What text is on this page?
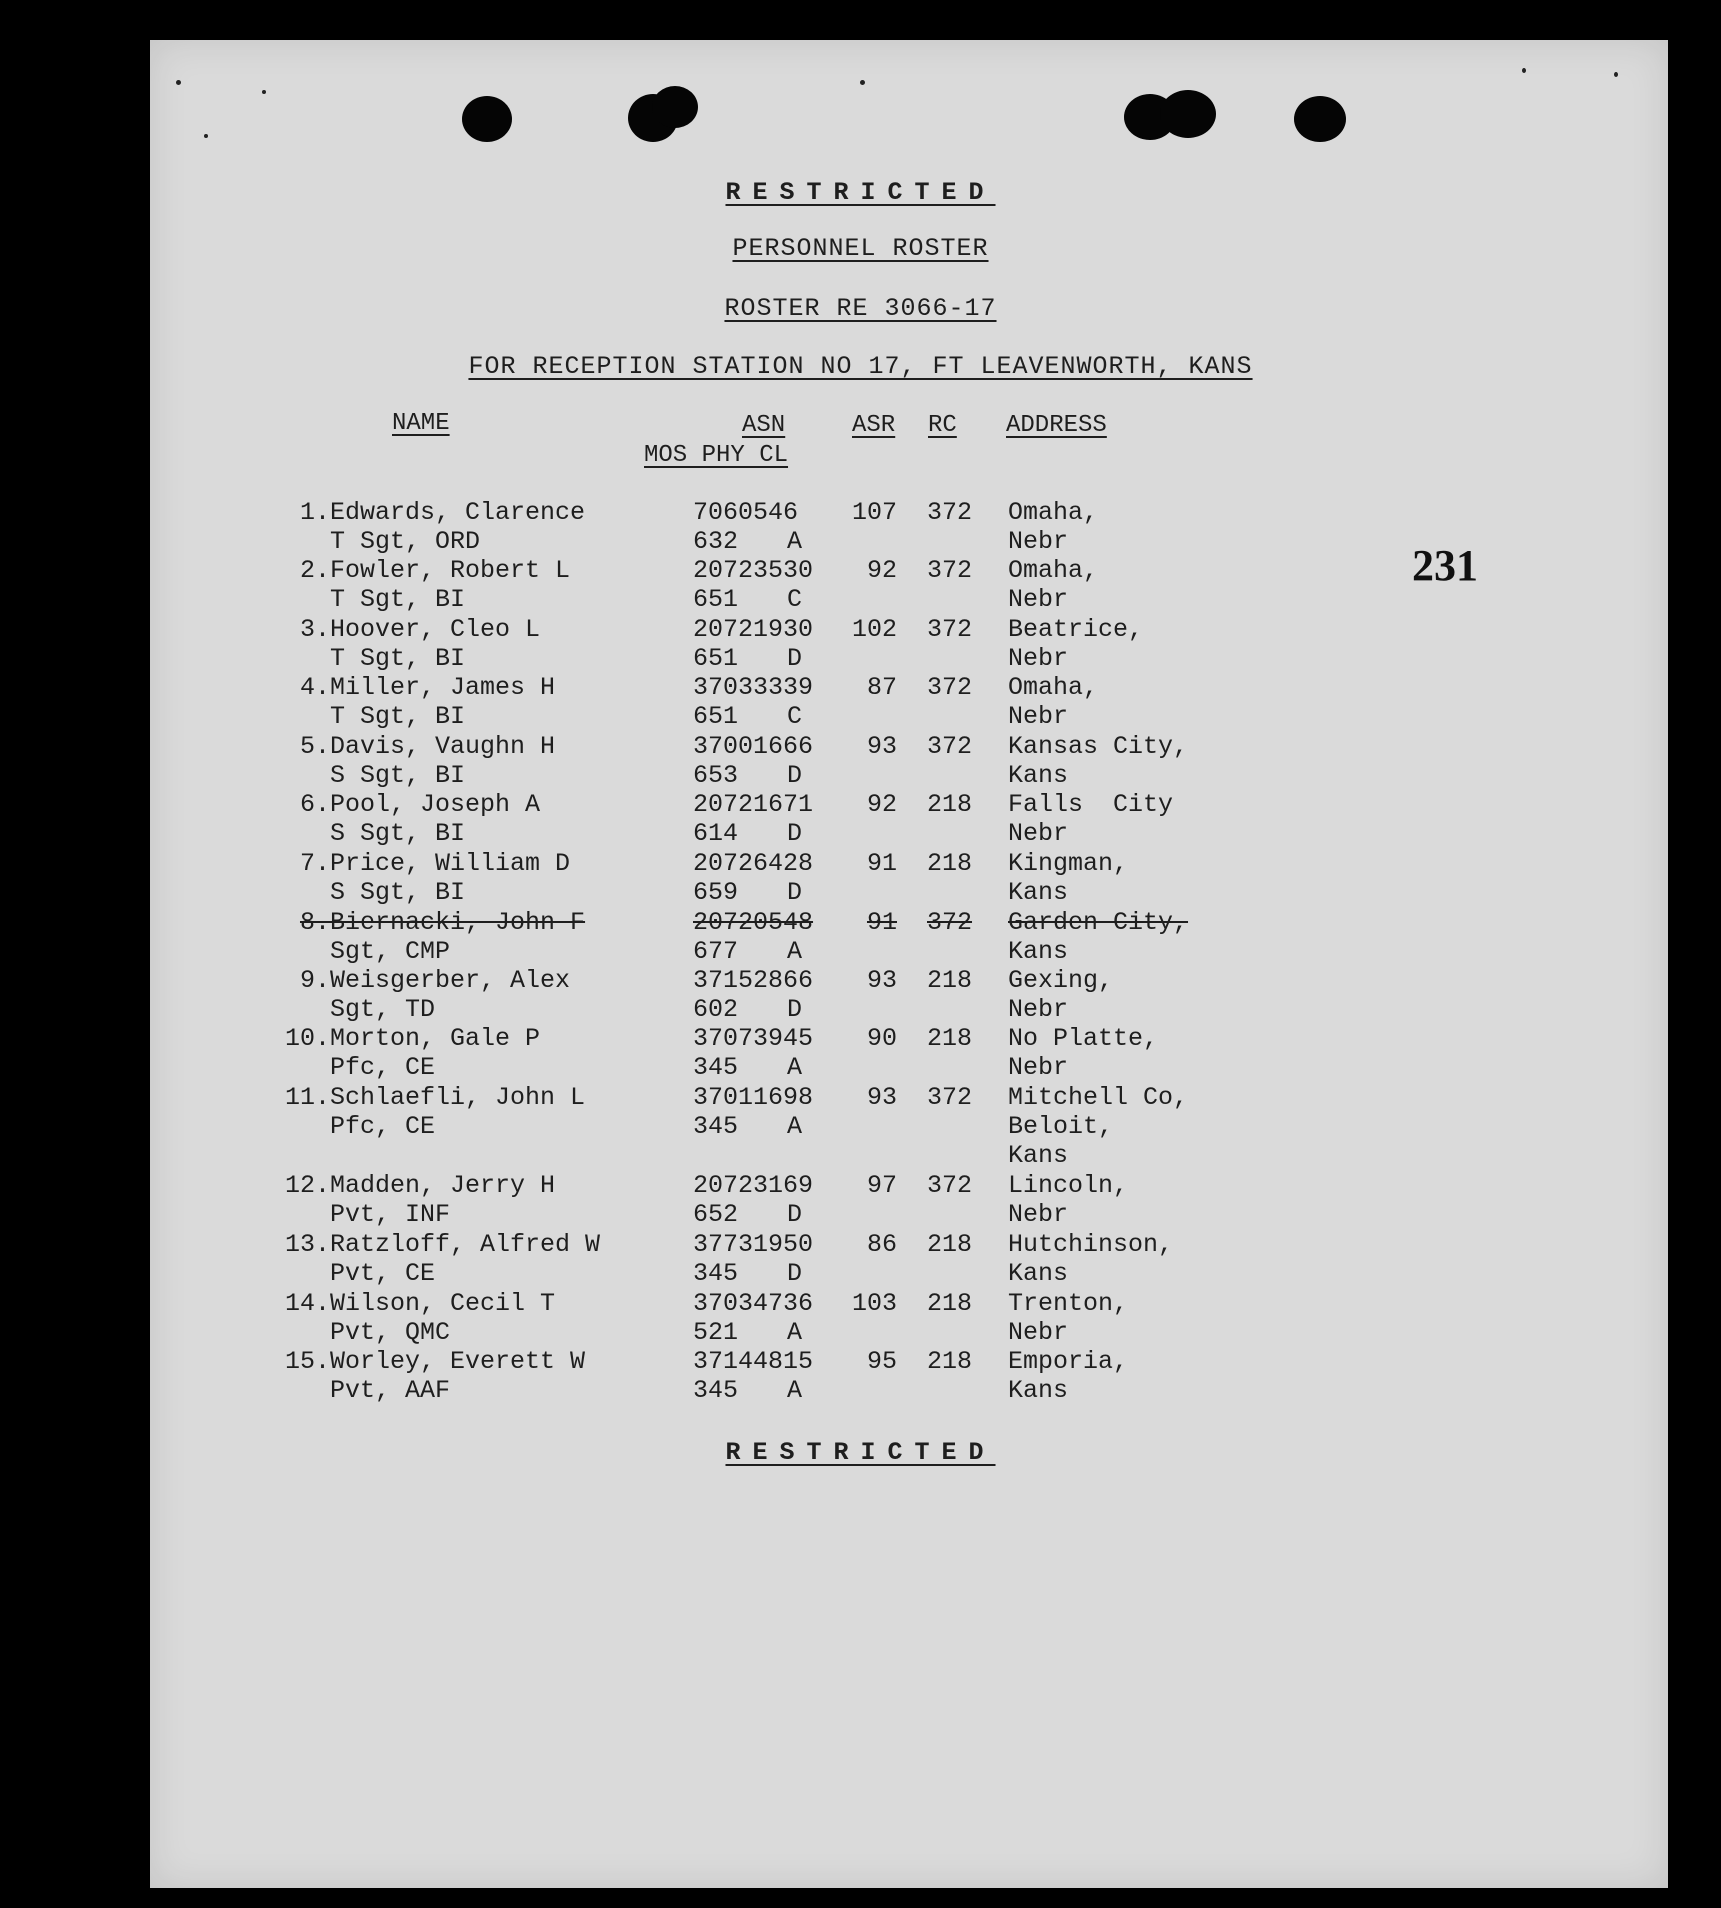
RESTRICTED
PERSONNEL ROSTER
ROSTER RE 3066-17
FOR RECEPTION STATION NO 17, FT LEAVENWORTH, KANS
231
NAME	ASN
MOS PHY CL
ASR RC ADDRESS
1. Edwards, Clarence
T Sgt, ORD
7060546
632 A
107 372 Omaha,
Nebr
2. Fowler, Robert L
T Sgt, BI
20723530
651 C
92 372 Omaha,
Nebr
3. Hoover, Cleo L
T Sgt, BI
20721930
651 D
102 372 Beatrice,
Nebr
4. Miller, James H
T Sgt, BI
37033339
651 C
87 372 Omaha,
Nebr
5. Davis, Vaughn H
S Sgt, BI
37001666
653 D
93 372 Kansas City,
Kans
6. Pool, Joseph A
S Sgt, BI
20721671
614 D
92 218 Falls  City
Nebr
7. Price, William D
S Sgt, BI
20726428
659 D
91 218 Kingman,
Kans
8. Biernacki, John F
Sgt, CMP
20720548
677 A
91 372 Garden City,
Kans
9. Weisgerber, Alex
Sgt, TD
37152866
602 D
93 218 Gexing,
Nebr
10. Morton, Gale P
Pfc, CE
37073945
345 A
90 218 No Platte,
Nebr
11. Schlaefli, John L
Pfc, CE
37011698
345 A
93 372 Mitchell Co,
Beloit,
Kans
12. Madden, Jerry H
Pvt, INF
20723169
652 D
97 372 Lincoln,
Nebr
13. Ratzloff, Alfred W
Pvt, CE
37731950
345 D
86 218 Hutchinson,
Kans
14. Wilson, Cecil T
Pvt, QMC
37034736
521 A
103 218 Trenton,
Nebr
15. Worley, Everett W
Pvt, AAF
37144815
345 A
95 218 Emporia,
Kans
RESTRICTED
